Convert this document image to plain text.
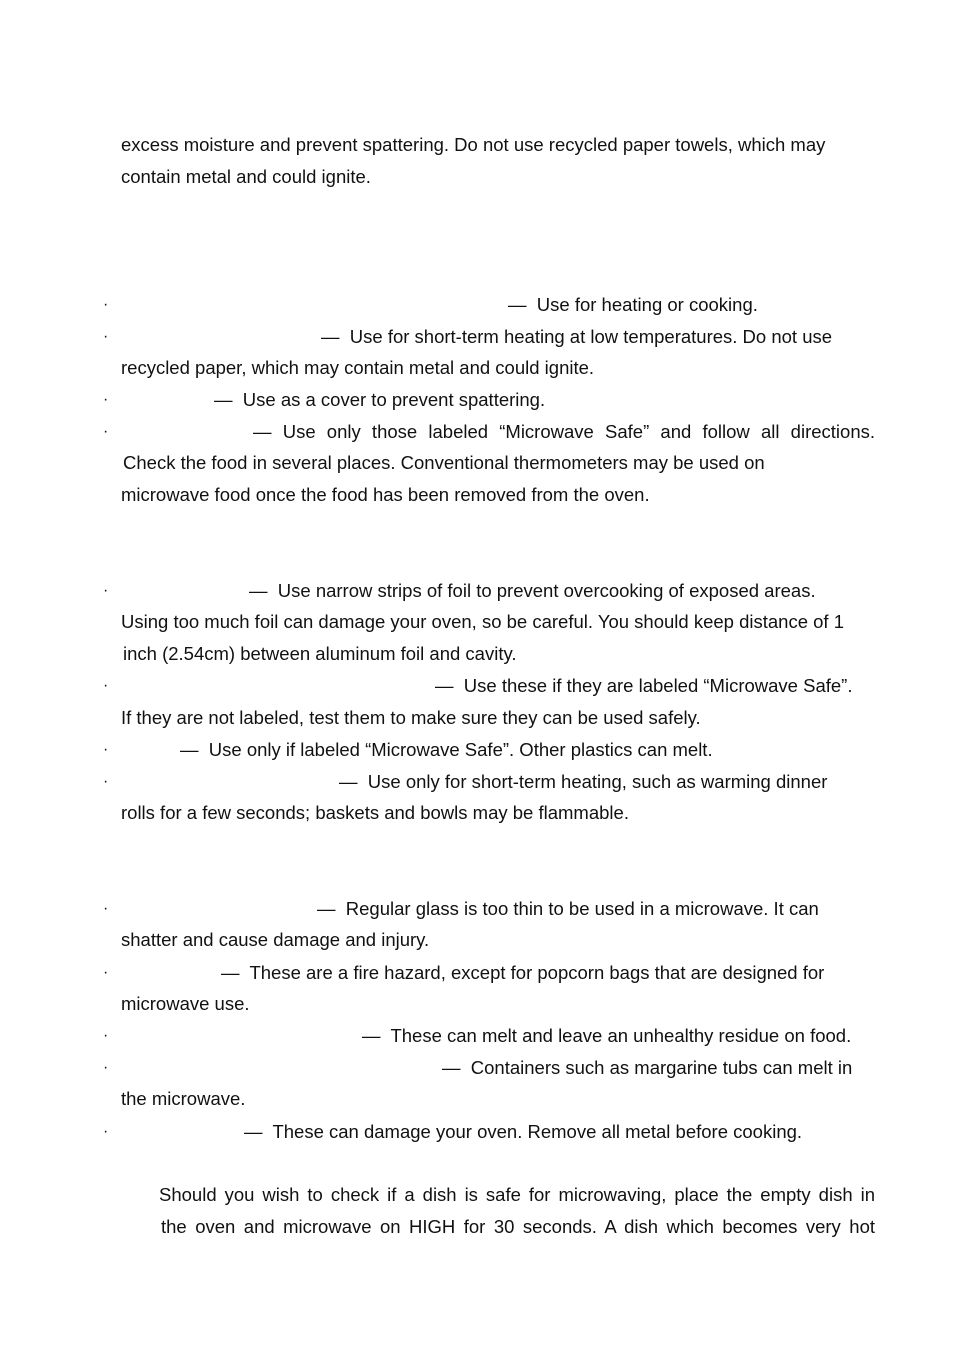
excess moisture and prevent spattering. Do not use recycled paper towels, which may
contain metal and could ignite.
·	— Use for heating or cooking.
·	— Use for short-term heating at low temperatures. Do not use
recycled paper, which may contain metal and could ignite.
·	— Use as a cover to prevent spattering.
·	— Use only those labeled “Microwave Safe” and follow all directions.
Check the food in several places. Conventional thermometers may be used on
microwave food once the food has been removed from the oven.
·	— Use narrow strips of foil to prevent overcooking of exposed areas.
Using too much foil can damage your oven, so be careful. You should keep distance of 1
inch (2.54cm) between aluminum foil and cavity.
·	— Use these if they are labeled “Microwave Safe”.
If they are not labeled, test them to make sure they can be used safely.
·	— Use only if labeled “Microwave Safe”. Other plastics can melt.
·	— Use only for short-term heating, such as warming dinner
rolls for a few seconds; baskets and bowls may be flammable.
·	— Regular glass is too thin to be used in a microwave. It can
shatter and cause damage and injury.
·	— These are a fire hazard, except for popcorn bags that are designed for
microwave use.
·	— These can melt and leave an unhealthy residue on food.
·	— Containers such as margarine tubs can melt in
the microwave.
·	— These can damage your oven. Remove all metal before cooking.
Should you wish to check if a dish is safe for microwaving, place the empty dish in
the oven and microwave on HIGH for 30 seconds. A dish which becomes very hot
